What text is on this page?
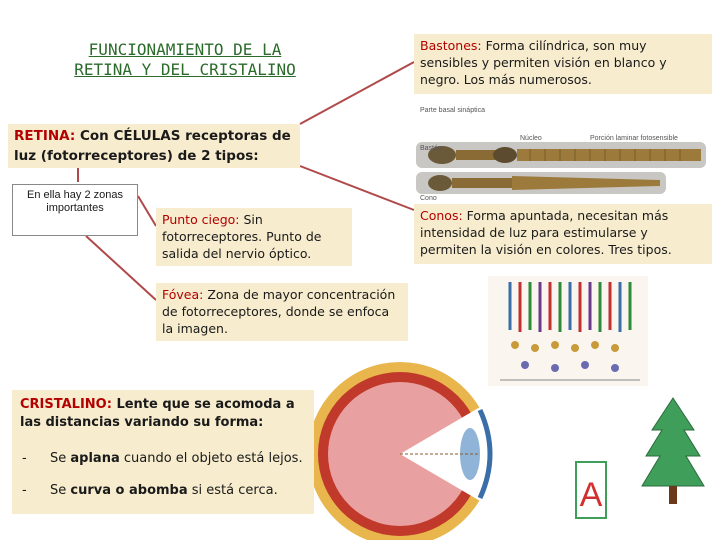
Parte basal sináptica
Bastón
Núcleo	Porción laminar fotosensible
Cono
A
FUNCIONAMIENTO DE LA
RETINA Y DEL CRISTALINO
RETINA: Con CÉLULAS receptoras de luz (fotorreceptores) de 2 tipos:
En ella hay 2 zonas importantes
Punto ciego: Sin fotorreceptores. Punto de salida del nervio óptico.
Fóvea: Zona de mayor concentración de fotorreceptores, donde se enfoca la imagen.
CRISTALINO: Lente que se acomoda a las distancias variando su forma:
- Se aplana cuando el objeto está lejos.
- Se curva o abomba si está cerca.
Bastones: Forma cilíndrica, son muy sensibles y permiten visión en blanco y negro. Los más numerosos.
Conos: Forma apuntada, necesitan más intensidad de luz para estimularse y permiten la visión en colores. Tres tipos.
